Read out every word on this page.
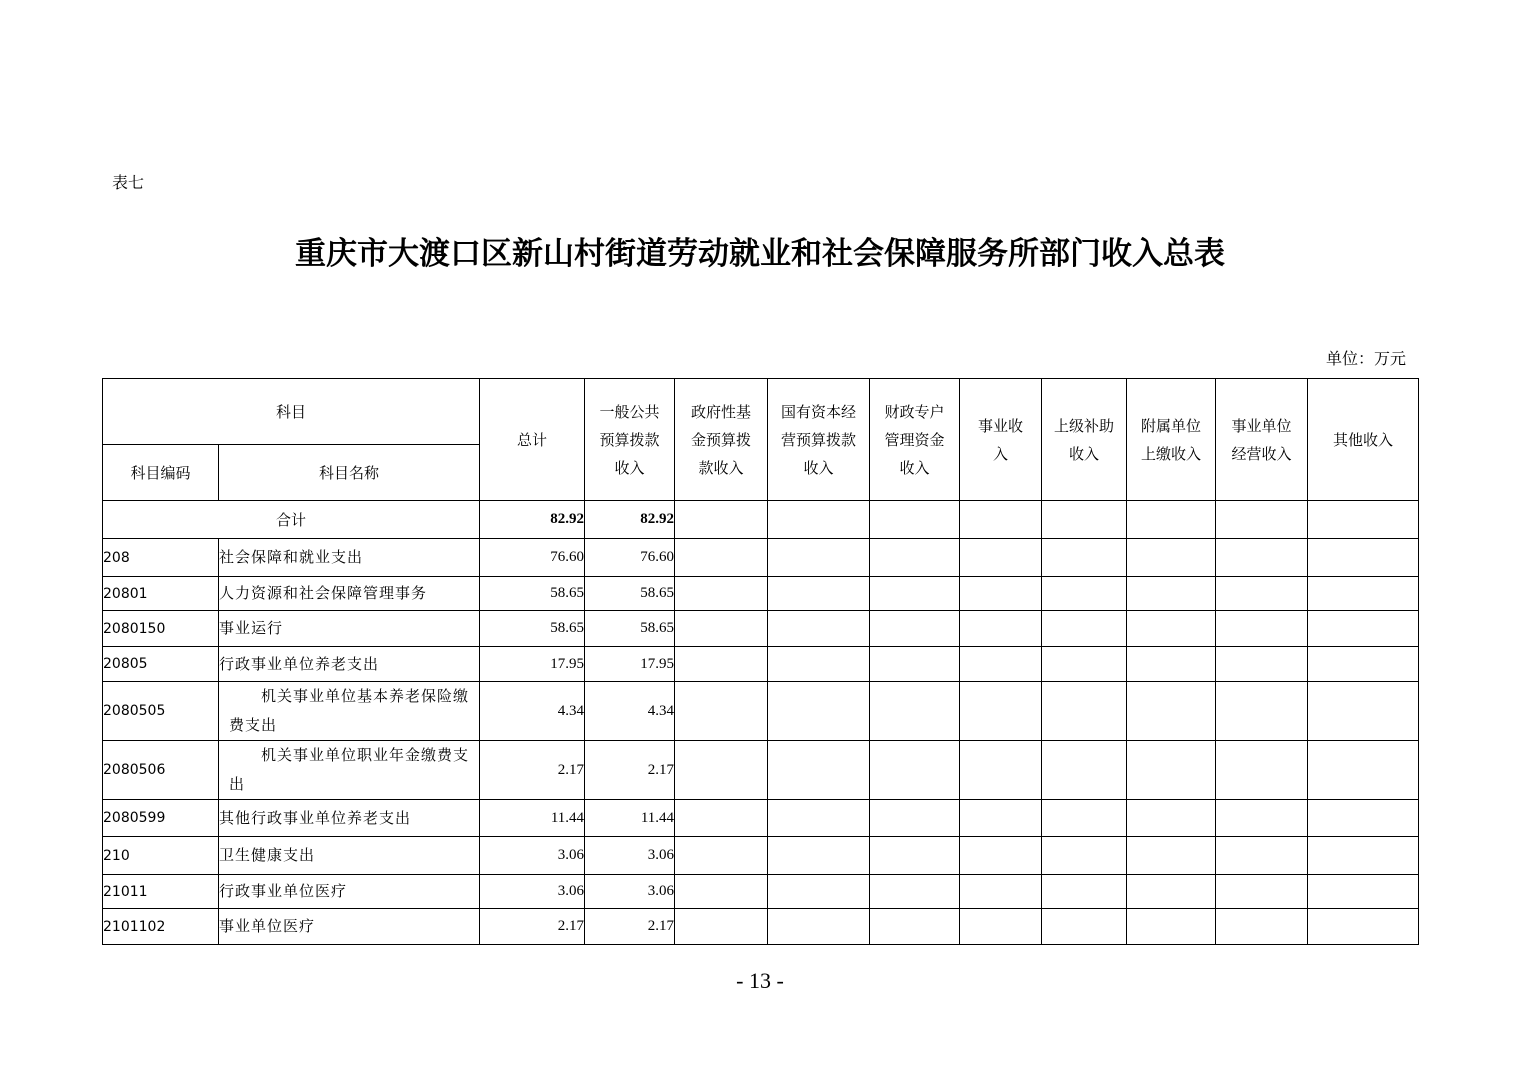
表七
重庆市大渡口区新山村街道劳动就业和社会保障服务所部门收入总表
单位：万元
科目		总计	一般公共预算拨款收入	政府性基金预算拨款收入	国有资本经营预算拨款收入	财政专户管理资金收入	事业收入	上级补助收入	附属单位上缴收入	事业单位经营收入	其他收入
科目编码	科目名称										
合计		82.92	82.92								
208	社会保障和就业支出	76.60	76.60								
20801	人力资源和社会保障管理事务	58.65	58.65								
2080150	事业运行	58.65	58.65								
20805	行政事业单位养老支出	17.95	17.95								
2080505	机关事业单位基本养老保险缴费支出	4.34	4.34								
2080506	机关事业单位职业年金缴费支出	2.17	2.17								
2080599	其他行政事业单位养老支出	11.44	11.44								
210	卫生健康支出	3.06	3.06								
21011	行政事业单位医疗	3.06	3.06								
2101102	事业单位医疗	2.17	2.17								
- 13 -
